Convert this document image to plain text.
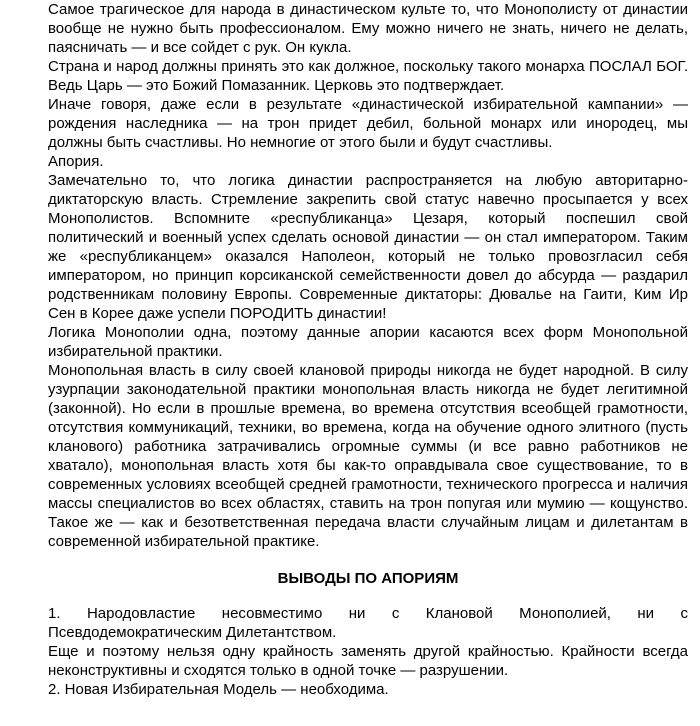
Самое трагическое для народа в династическом культе то, что Монополисту от династии вообще не нужно быть профессионалом. Ему можно ничего не знать, ничего не делать, паясничать — и все сойдет с рук. Он кукла.

Страна и народ должны принять это как должное, поскольку такого монарха ПОСЛАЛ БОГ. Ведь Царь — это Божий Помазанник. Церковь это подтверждает.

Иначе говоря, даже если в результате «династической избирательной кампании» — рождения наследника — на трон придет дебил, больной монарх или инородец, мы должны быть счастливы. Но немногие от этого были и будут счастливы.

Апория.

Замечательно то, что логика династии распространяется на любую авторитарно-диктаторскую власть. Стремление закрепить свой статус навечно просыпается у всех Монополистов. Вспомните «республиканца» Цезаря, который поспешил свой политический и военный успех сделать основой династии — он стал императором. Таким же «республиканцем» оказался Наполеон, который не только провозгласил себя императором, но принцип корсиканской семейственности довел до абсурда — раздарил родственникам половину Европы. Современные диктаторы: Дювалье на Гаити, Ким Ир Сен в Корее даже успели ПОРОДИТЬ династии!

Логика Монополии одна, поэтому данные апории касаются всех форм Монопольной избирательной практики.

Монопольная власть в силу своей клановой природы никогда не будет народной. В силу узурпации законодательной практики монопольная власть никогда не будет легитимной (законной). Но если в прошлые времена, во времена отсутствия всеобщей грамотности, отсутствия коммуникаций, техники, во времена, когда на обучение одного элитного (пусть кланового) работника затрачивались огромные суммы (и все равно работников не хватало), монопольная власть хотя бы как-то оправдывала свое существование, то в современных условиях всеобщей средней грамотности, технического прогресса и наличия массы специалистов во всех областях, ставить на трон попугая или мумию — кощунство. Такое же — как и безответственная передача власти случайным лицам и дилетантам в современной избирательной практике.

ВЫВОДЫ ПО АПОРИЯМ

1. Народовластие несовместимо ни с Клановой Монополией, ни с Псевдодемократическим Дилетантством.

Еще и поэтому нельзя одну крайность заменять другой крайностью. Крайности всегда неконструктивны и сходятся только в одной точке — разрушении.

2. Новая Избирательная Модель — необходима.
